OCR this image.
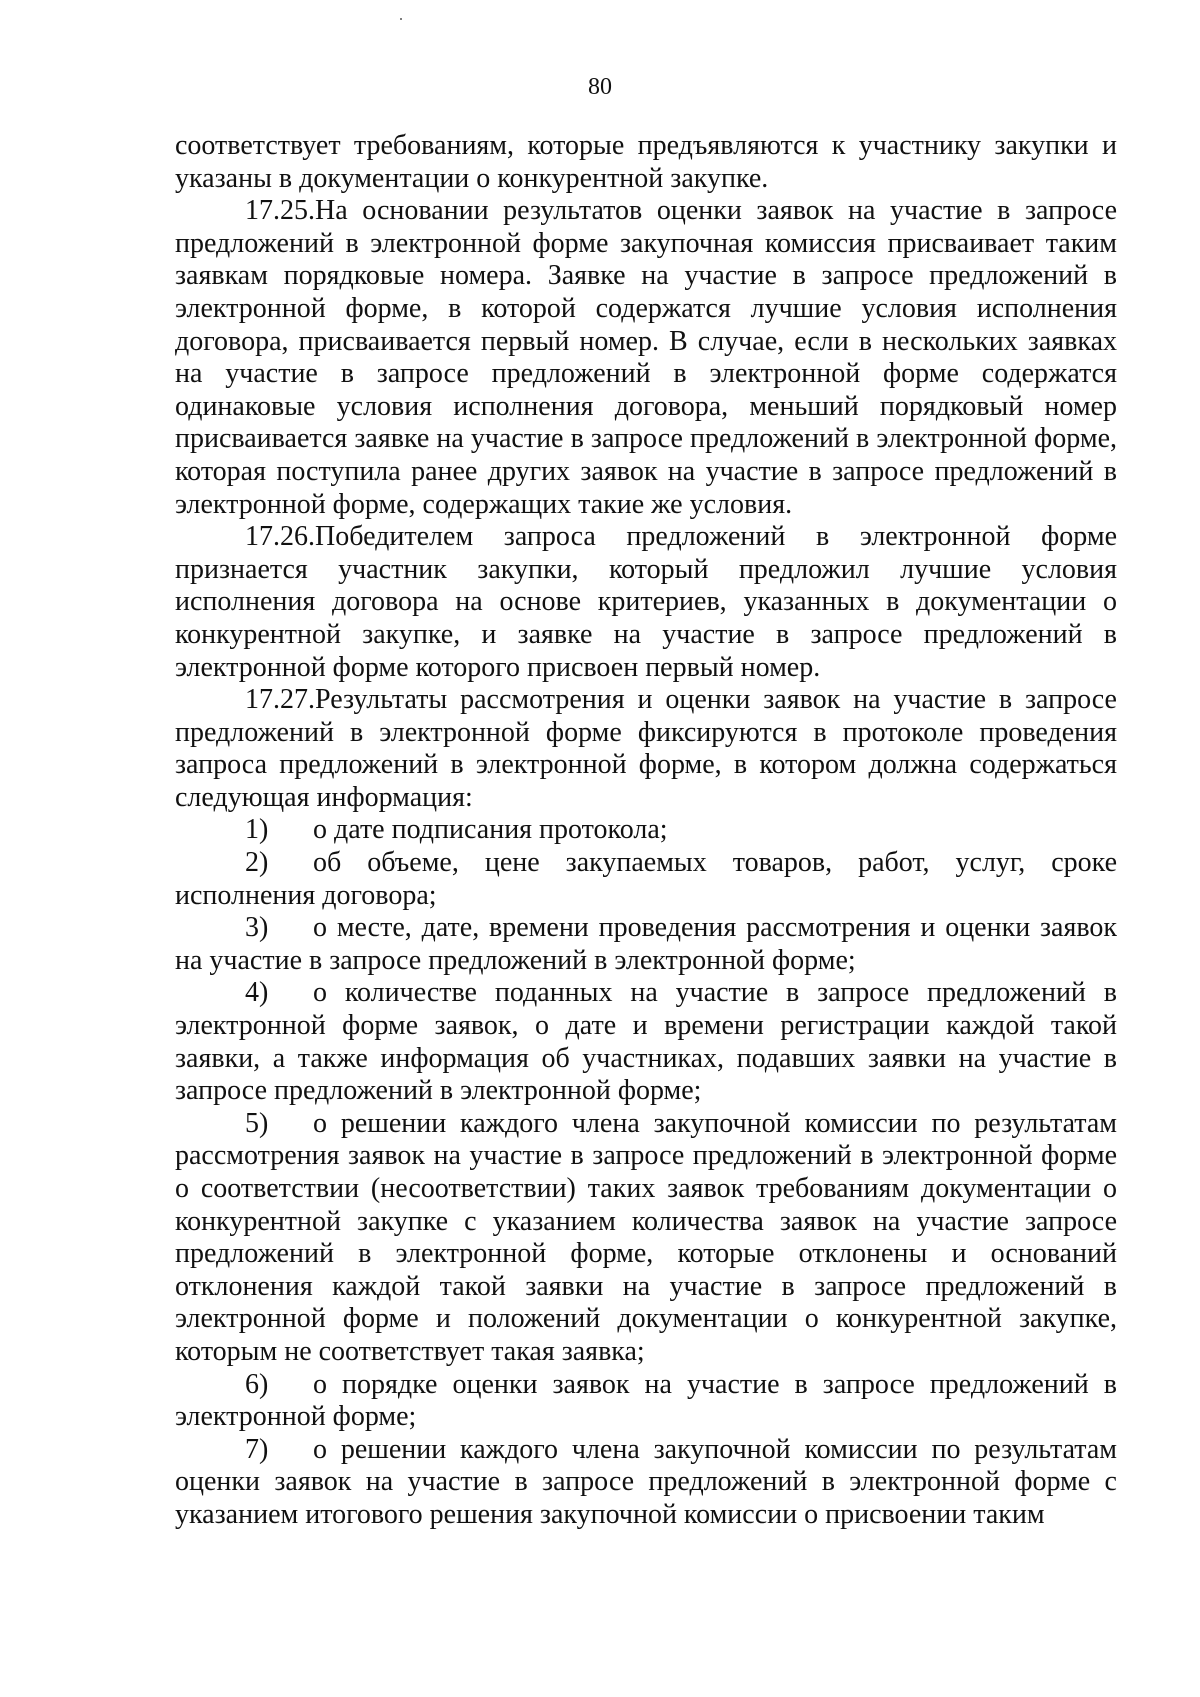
80

соответствует требованиям, которые предъявляются к участнику закупки и указаны в документации о конкурентной закупке.

17.25.На основании результатов оценки заявок на участие в запросе предложений в электронной форме закупочная комиссия присваивает таким заявкам порядковые номера. Заявке на участие в запросе предложений в электронной форме, в которой содержатся лучшие условия исполнения договора, присваивается первый номер. В случае, если в нескольких заявках на участие в запросе предложений в электронной форме содержатся одинаковые условия исполнения договора, меньший порядковый номер присваивается заявке на участие в запросе предложений в электронной форме, которая поступила ранее других заявок на участие в запросе предложений в электронной форме, содержащих такие же условия.

17.26.Победителем запроса предложений в электронной форме признается участник закупки, который предложил лучшие условия исполнения договора на основе критериев, указанных в документации о конкурентной закупке, и заявке на участие в запросе предложений в электронной форме которого присвоен первый номер.

17.27.Результаты рассмотрения и оценки заявок на участие в запросе предложений в электронной форме фиксируются в протоколе проведения запроса предложений в электронной форме, в котором должна содержаться следующая информация:

1) о дате подписания протокола;

2) об объеме, цене закупаемых товаров, работ, услуг, сроке исполнения договора;

3) о месте, дате, времени проведения рассмотрения и оценки заявок на участие в запросе предложений в электронной форме;

4) о количестве поданных на участие в запросе предложений в электронной форме заявок, о дате и времени регистрации каждой такой заявки, а также информация об участниках, подавших заявки на участие в запросе предложений в электронной форме;

5) о решении каждого члена закупочной комиссии по результатам рассмотрения заявок на участие в запросе предложений в электронной форме о соответствии (несоответствии) таких заявок требованиям документации о конкурентной закупке с указанием количества заявок на участие запросе предложений в электронной форме, которые отклонены и оснований отклонения каждой такой заявки на участие в запросе предложений в электронной форме и положений документации о конкурентной закупке, которым не соответствует такая заявка;

6) о порядке оценки заявок на участие в запросе предложений в электронной форме;

7) о решении каждого члена закупочной комиссии по результатам оценки заявок на участие в запросе предложений в электронной форме с указанием итогового решения закупочной комиссии о присвоении таким
